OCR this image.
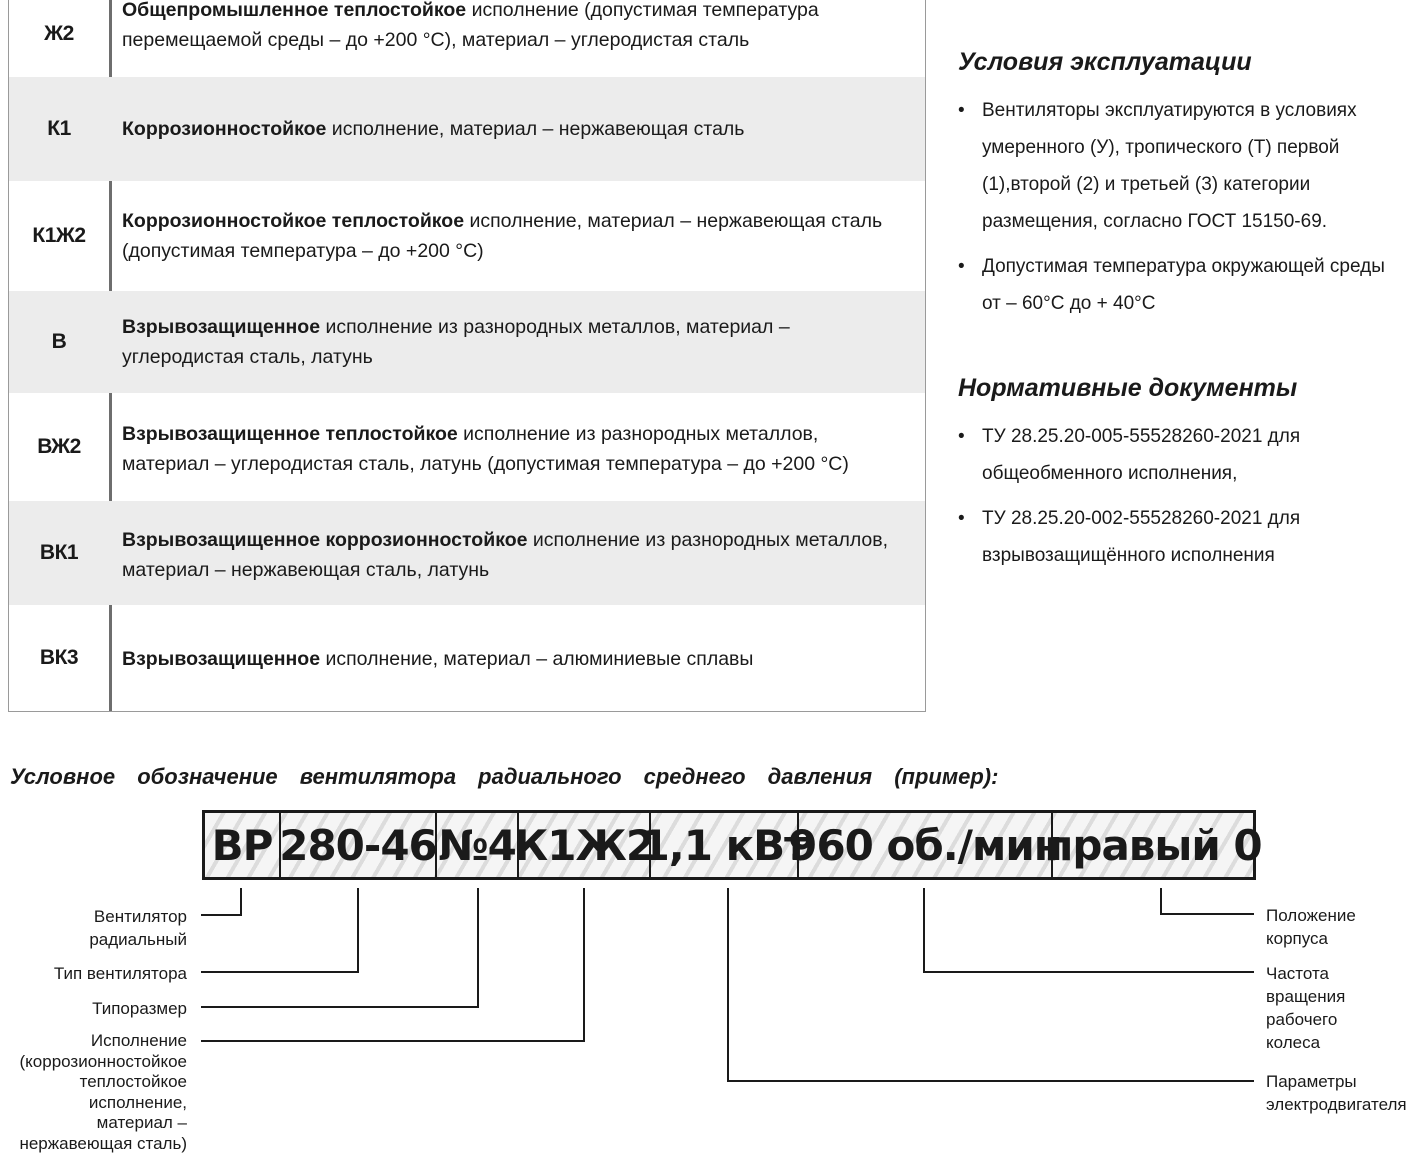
Ж2
Общепромышленное теплостойкое исполнение (допустимая температура перемещаемой среды – до +200 °С), материал – углеродистая сталь
К1	Коррозионностойкое исполнение, материал – нержавеющая сталь
К1Ж2
Коррозионностойкое теплостойкое исполнение, материал – нержавеющая сталь (допустимая температура – до +200 °С)
В
Взрывозащищенное исполнение из разнородных металлов, материал – углеродистая сталь, латунь
ВЖ2
Взрывозащищенное теплостойкое исполнение из разнородных металлов, материал – углеродистая сталь, латунь (допустимая температура – до +200 °С)
ВК1
Взрывозащищенное коррозионностойкое исполнение из разнородных металлов, материал – нержавеющая сталь, латунь
ВК3	Взрывозащищенное исполнение, материал – алюминиевые сплавы
Условия эксплуатации
• Вентиляторы эксплуатируются в условиях умеренного (У), тропического (Т) первой (1),второй (2) и третьей (3) категории размещения, согласно ГОСТ 15150-69.
• Допустимая температура окружающей среды от – 60°С до + 40°С
Нормативные документы
• ТУ 28.25.20-005-55528260-2021 для общеобменного исполнения,
• ТУ 28.25.20-002-55528260-2021 для взрывозащищённого исполнения
Условное обозначение вентилятора радиального среднего давления (пример):
ВР 280-46 №4
К1Ж2
1,1 кВт
960 об./мин
правый 0
Вентилятор
радиальный
Тип вентилятора
Типоразмер
Исполнение
(коррозионностойкое
теплостойкое
исполнение,
материал –
нержавеющая сталь)
Положение
корпуса
Частота
вращения
рабочего
колеса
Параметры
электродвигателя
